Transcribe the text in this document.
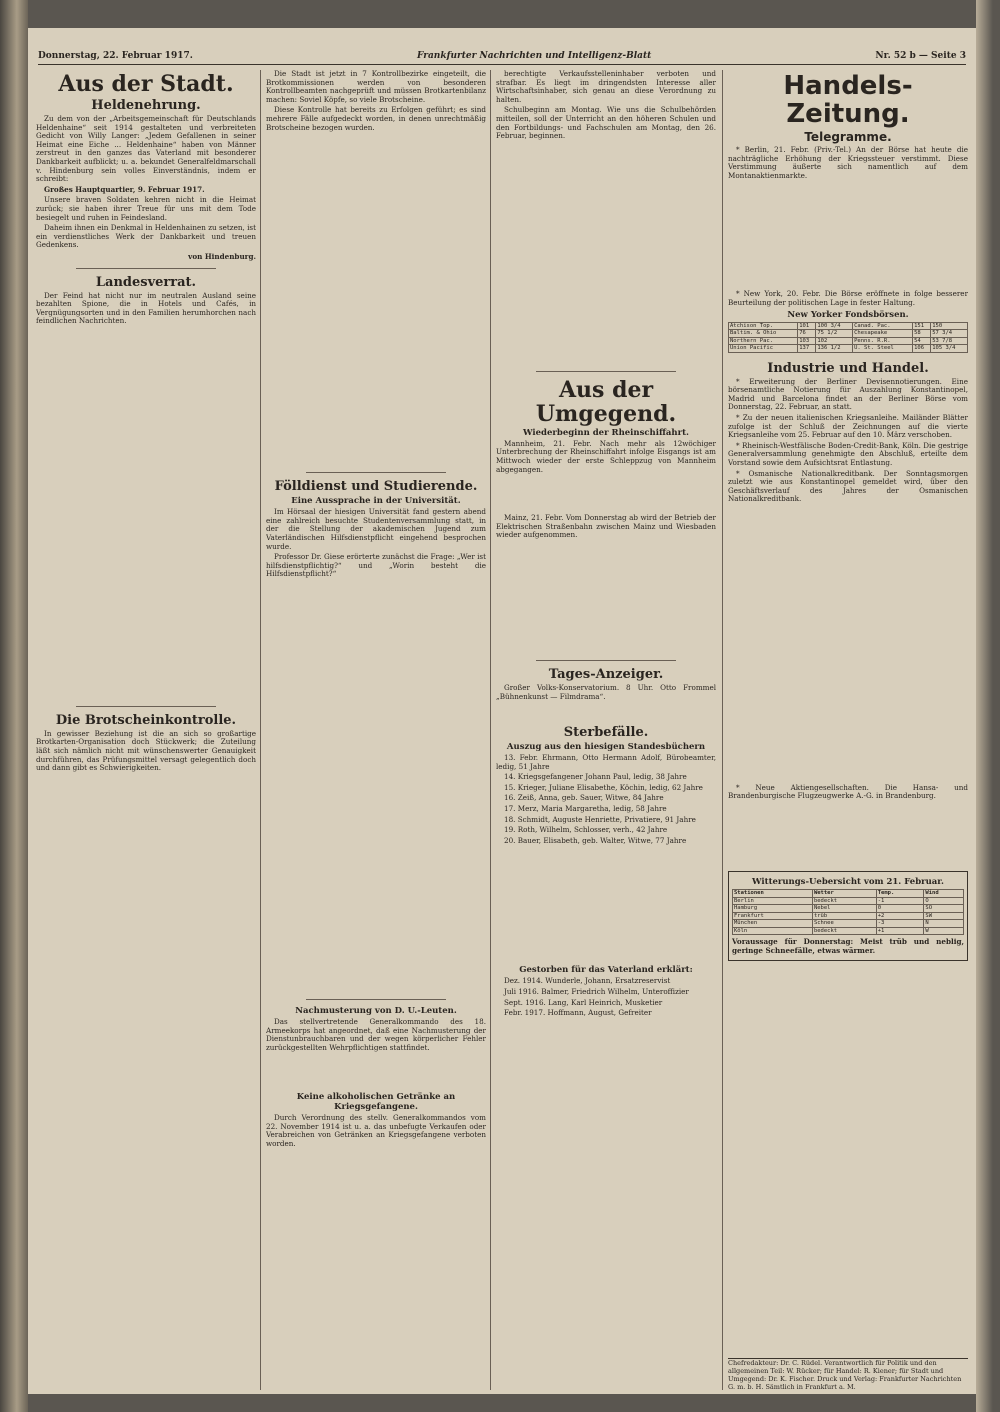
Donnerstag, 22. Februar 1917.	Frankfurter Nachrichten und Intelligenz-Blatt	Nr. 52 b — Seite 3
Aus der Stadt.
Heldenehrung.

Zu dem von der „Arbeitsgemeinschaft für Deutschlands Heldenhaine“ seit 1914 gestalteten und verbreiteten Gedicht von Willy Langer: „Jedem Gefallenen in seiner Heimat eine Eiche ... Heldenhaine“ haben von Männer zerstreut in den ganzes das Vaterland mit besonderer Dankbarkeit aufblickt; u. a. bekundet Generalfeldmarschall v. Hindenburg sein volles Einverständnis, indem er schreibt:

Großes Hauptquartier, 9. Februar 1917.

Unsere braven Soldaten kehren nicht in die Heimat zurück; sie haben ihrer Treue für uns mit dem Tode besiegelt und ruhen in Feindesland.

Daheim ihnen ein Denkmal in Heldenhainen zu setzen, ist ein verdienstliches Werk der Dankbarkeit und treuen Gedenkens.

von Hindenburg.
Landesverrat.

Der Feind hat nicht nur im neutralen Ausland seine bezahlten Spione, die in Hotels und Cafés, in Vergnügungsorten und in den Familien herumhorchen nach feindlichen Nachrichten.

Die Brotscheinkontrolle.

In gewisser Beziehung ist die an sich so großartige Brotkarten-Organisation doch Stückwerk; die Zuteilung läßt sich nämlich nicht mit wünschenswerter Genauigkeit durchführen, das Prüfungsmittel versagt gelegentlich doch und dann gibt es Schwierigkeiten.

Die Stadt ist jetzt in 7 Kontrollbezirke eingeteilt, die Brotkommissionen werden von besonderen Kontrollbeamten nachgeprüft und müssen Brotkartenbilanz machen: Soviel Köpfe, so viele Brotscheine.

Diese Kontrolle hat bereits zu Erfolgen geführt; es sind mehrere Fälle aufgedeckt worden, in denen unrechtmäßig Brotscheine bezogen wurden.

Fölldienst und Studierende.
Eine Aussprache in der Universität.

Im Hörsaal der hiesigen Universität fand gestern abend eine zahlreich besuchte Studentenversammlung statt, in der die Stellung der akademischen Jugend zum Vaterländischen Hilfsdienstpflicht eingehend besprochen wurde.

Professor Dr. Giese erörterte zunächst die Frage: „Wer ist hilfsdienstpflichtig?“ und „Worin besteht die Hilfsdienstpflicht?“

Nachmusterung von D. U.-Leuten.

Das stellvertretende Generalkommando des 18. Armeekorps hat angeordnet, daß eine Nachmusterung der Dienstunbrauchbaren und der wegen körperlicher Fehler zurückgestellten Wehrpflichtigen stattfindet.

Keine alkoholischen Getränke an Kriegsgefangene.

Durch Verordnung des stellv. Generalkommandos vom 22. November 1914 ist u. a. das unbefugte Verkaufen oder Verabreichen von Getränken an Kriegsgefangene verboten worden.

berechtigte Verkaufsstelleninhaber verboten und strafbar. Es liegt im dringendsten Interesse aller Wirtschaftsinhaber, sich genau an diese Verordnung zu halten.

Schulbeginn am Montag. Wie uns die Schulbehörden mitteilen, soll der Unterricht an den höheren Schulen und den Fortbildungs- und Fachschulen am Montag, den 26. Februar, beginnen.

Aus der Umgegend.
Wiederbeginn der Rheinschiffahrt.

Mannheim, 21. Febr. Nach mehr als 12wöchiger Unterbrechung der Rheinschiffahrt infolge Eisgangs ist am Mittwoch wieder der erste Schleppzug von Mannheim abgegangen.

Mainz, 21. Febr. Vom Donnerstag ab wird der Betrieb der Elektrischen Straßenbahn zwischen Mainz und Wiesbaden wieder aufgenommen.

Tages-Anzeiger.

Großer Volks-Konservatorium. 8 Uhr. Otto Frommel „Bühnenkunst — Filmdrama“.

Sterbefälle.
Auszug aus den hiesigen Standesbüchern

13. Febr. Ehrmann, Otto Hermann Adolf, Bürobeamter, ledig, 51 Jahre

14. Kriegsgefangener Johann Paul, ledig, 38 Jahre

15. Krieger, Juliane Elisabethe, Köchin, ledig, 62 Jahre

16. Zeiß, Anna, geb. Sauer, Witwe, 84 Jahre

17. Merz, Maria Margaretha, ledig, 58 Jahre

18. Schmidt, Auguste Henriette, Privatiere, 91 Jahre

19. Roth, Wilhelm, Schlosser, verh., 42 Jahre

20. Bauer, Elisabeth, geb. Walter, Witwe, 77 Jahre

Gestorben für das Vaterland erklärt:

Dez. 1914. Wunderle, Johann, Ersatzreservist

Juli 1916. Balmer, Friedrich Wilhelm, Unteroffizier

Sept. 1916. Lang, Karl Heinrich, Musketier

Febr. 1917. Hoffmann, August, Gefreiter

Handels-Zeitung.
Telegramme.

* Berlin, 21. Febr. (Priv.-Tel.) An der Börse hat heute die nachträgliche Erhöhung der Kriegssteuer verstimmt. Diese Verstimmung äußerte sich namentlich auf dem Montanaktienmarkte.

* New York, 20. Febr. Die Börse eröffnete in folge besserer Beurteilung der politischen Lage in fester Haltung.

New Yorker Fondsbörsen.
Atchison Top.	101	100 3/4	Canad. Pac.	151	150
Baltim. & Ohio	76	75 1/2	Chesapeake	58	57 3/4
Northern Pac.	103	102	Penns. R.R.	54	53 7/8
Union Pacific	137	136 1/2	U. St. Steel	106	105 3/4
Industrie und Handel.

* Erweiterung der Berliner Devisennotierungen. Eine börsenamtliche Notierung für Auszahlung Konstantinopel, Madrid und Barcelona findet an der Berliner Börse vom Donnerstag, 22. Februar, an statt.

* Zu der neuen italienischen Kriegsanleihe. Mailänder Blätter zufolge ist der Schluß der Zeichnungen auf die vierte Kriegsanleihe vom 25. Februar auf den 10. März verschoben.

* Rheinisch-Westfälische Boden-Credit-Bank, Köln. Die gestrige Generalversammlung genehmigte den Abschluß, erteilte dem Vorstand sowie dem Aufsichtsrat Entlastung.

* Osmanische Nationalkreditbank. Der Sonntagsmorgen zuletzt wie aus Konstantinopel gemeldet wird, über den Geschäftsverlauf des Jahres der Osmanischen Nationalkreditbank.

* Neue Aktiengesellschaften. Die Hansa- und Brandenburgische Flugzeugwerke A.-G. in Brandenburg.

Witterungs-Uebersicht vom 21. Februar.
Stationen	Wetter	Temp.	Wind
Berlin	bedeckt	-1	O
Hamburg	Nebel	0	SO
Frankfurt	trüb	+2	SW
München	Schnee	-3	N
Köln	bedeckt	+1	W

Voraussage für Donnerstag: Meist trüb und neblig, geringe Schneefälle, etwas wärmer.

Chefredakteur: Dr. C. Rüdel. Verantwortlich für Politik und den allgemeinen Teil: W. Rücker; für Handel: R. Kiener; für Stadt und Umgegend: Dr. K. Fischer. Druck und Verlag: Frankfurter Nachrichten G. m. b. H. Sämtlich in Frankfurt a. M.
